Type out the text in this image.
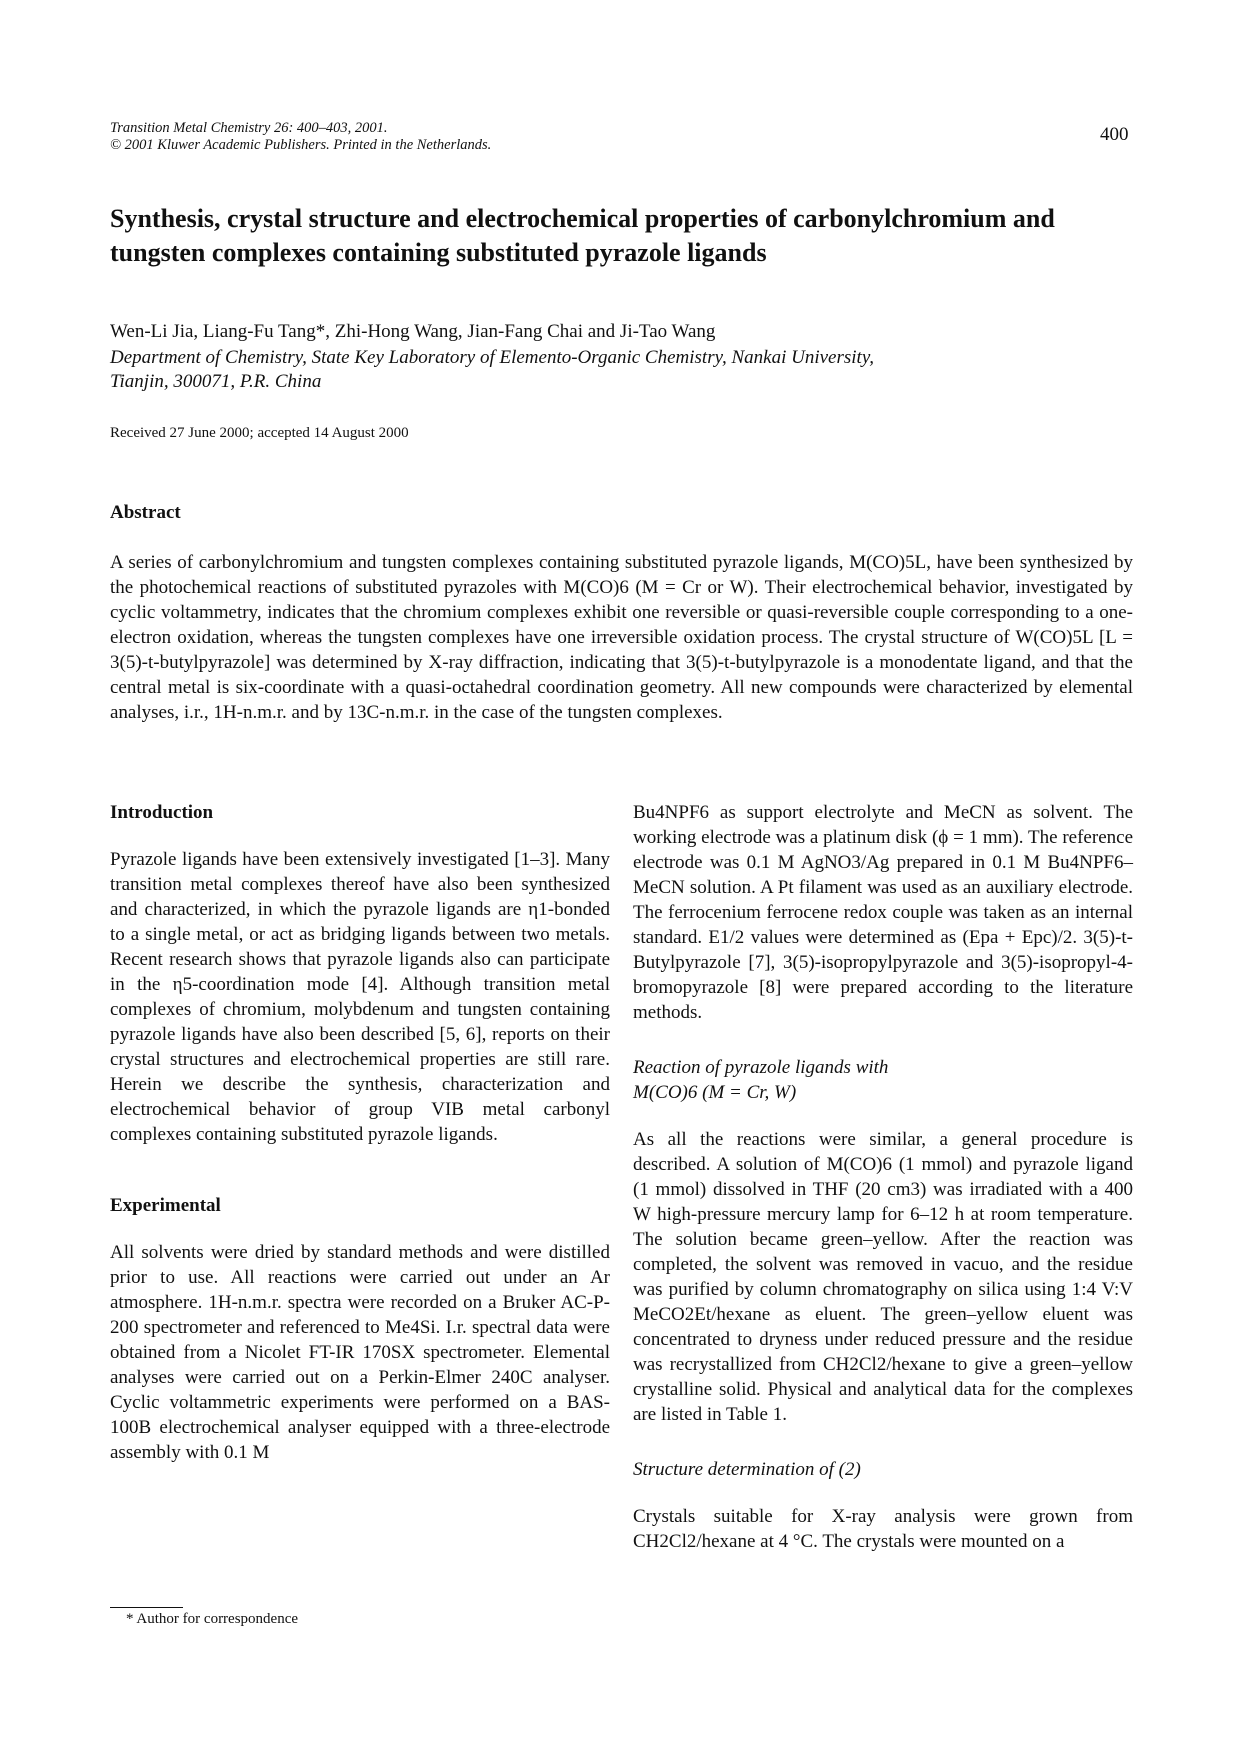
Transition Metal Chemistry 26: 400–403, 2001.
© 2001 Kluwer Academic Publishers. Printed in the Netherlands.	400
Synthesis, crystal structure and electrochemical properties of carbonylchromium and tungsten complexes containing substituted pyrazole ligands
Wen-Li Jia, Liang-Fu Tang*, Zhi-Hong Wang, Jian-Fang Chai and Ji-Tao Wang
Department of Chemistry, State Key Laboratory of Elemento-Organic Chemistry, Nankai University,
Tianjin, 300071, P.R. China
Received 27 June 2000; accepted 14 August 2000
Abstract

A series of carbonylchromium and tungsten complexes containing substituted pyrazole ligands, M(CO)5L, have been synthesized by the photochemical reactions of substituted pyrazoles with M(CO)6 (M = Cr or W). Their electrochemical behavior, investigated by cyclic voltammetry, indicates that the chromium complexes exhibit one reversible or quasi-reversible couple corresponding to a one-electron oxidation, whereas the tungsten complexes have one irreversible oxidation process. The crystal structure of W(CO)5L [L = 3(5)-t-butylpyrazole] was determined by X-ray diffraction, indicating that 3(5)-t-butylpyrazole is a monodentate ligand, and that the central metal is six-coordinate with a quasi-octahedral coordination geometry. All new compounds were characterized by elemental analyses, i.r., 1H-n.m.r. and by 13C-n.m.r. in the case of the tungsten complexes.

Introduction

Pyrazole ligands have been extensively investigated [1–3]. Many transition metal complexes thereof have also been synthesized and characterized, in which the pyrazole ligands are η1-bonded to a single metal, or act as bridging ligands between two metals. Recent research shows that pyrazole ligands also can participate in the η5-coordination mode [4]. Although transition metal complexes of chromium, molybdenum and tungsten containing pyrazole ligands have also been described [5, 6], reports on their crystal structures and electrochemical properties are still rare. Herein we describe the synthesis, characterization and electrochemical behavior of group VIB metal carbonyl complexes containing substituted pyrazole ligands.

Experimental

All solvents were dried by standard methods and were distilled prior to use. All reactions were carried out under an Ar atmosphere. 1H-n.m.r. spectra were recorded on a Bruker AC-P-200 spectrometer and referenced to Me4Si. I.r. spectral data were obtained from a Nicolet FT-IR 170SX spectrometer. Elemental analyses were carried out on a Perkin-Elmer 240C analyser. Cyclic voltammetric experiments were performed on a BAS-100B electrochemical analyser equipped with a three-electrode assembly with 0.1 M

Bu4NPF6 as support electrolyte and MeCN as solvent. The working electrode was a platinum disk (ϕ = 1 mm). The reference electrode was 0.1 M AgNO3/Ag prepared in 0.1 M Bu4NPF6–MeCN solution. A Pt filament was used as an auxiliary electrode. The ferrocenium ferrocene redox couple was taken as an internal standard. E1/2 values were determined as (Epa + Epc)/2. 3(5)-t-Butylpyrazole [7], 3(5)-isopropylpyrazole and 3(5)-isopropyl-4-bromopyrazole [8] were prepared according to the literature methods.

Reaction of pyrazole ligands with
M(CO)6 (M = Cr, W)

As all the reactions were similar, a general procedure is described. A solution of M(CO)6 (1 mmol) and pyrazole ligand (1 mmol) dissolved in THF (20 cm3) was irradiated with a 400 W high-pressure mercury lamp for 6–12 h at room temperature. The solution became green–yellow. After the reaction was completed, the solvent was removed in vacuo, and the residue was purified by column chromatography on silica using 1:4 V:V MeCO2Et/hexane as eluent. The green–yellow eluent was concentrated to dryness under reduced pressure and the residue was recrystallized from CH2Cl2/hexane to give a green–yellow crystalline solid. Physical and analytical data for the complexes are listed in Table 1.

Structure determination of (2)

Crystals suitable for X-ray analysis were grown from CH2Cl2/hexane at 4 °C. The crystals were mounted on a

* Author for correspondence
